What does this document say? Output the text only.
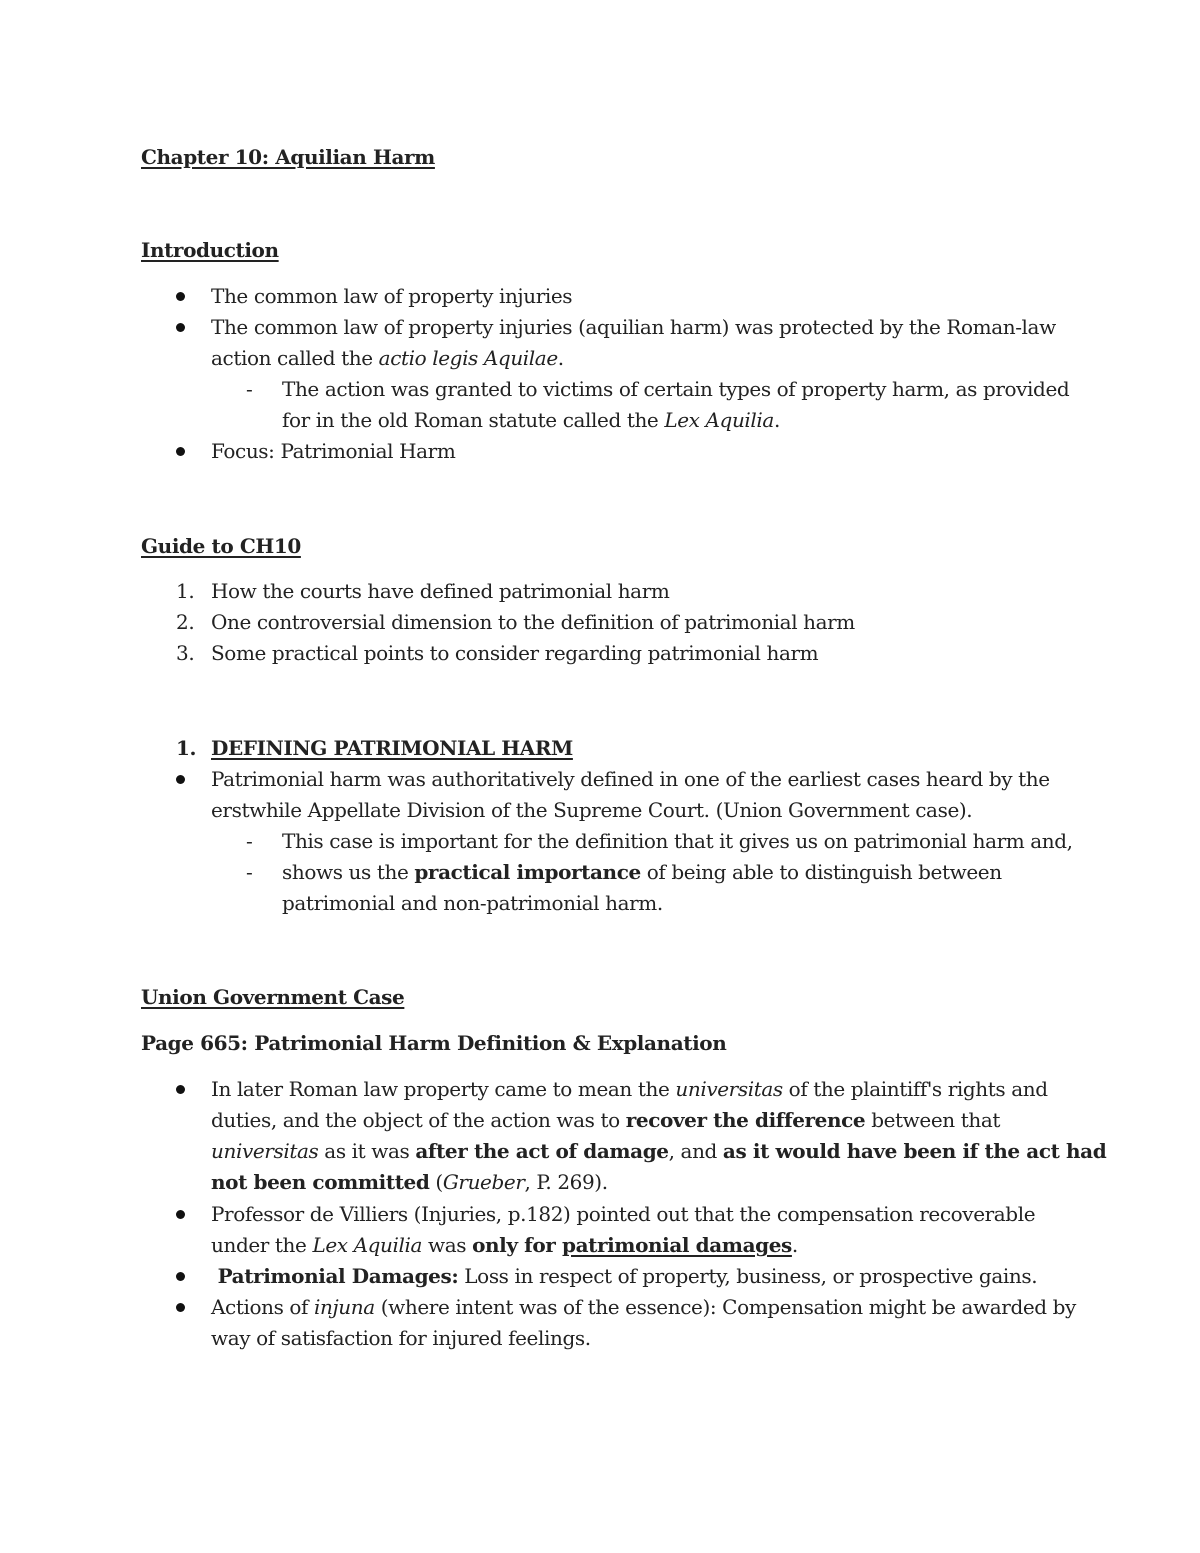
Chapter 10: Aquilian Harm
Introduction
The common law of property injuries
The common law of property injuries (aquilian harm) was protected by the Roman-law
action called the actio legis Aquilae.
- The action was granted to victims of certain types of property harm, as provided
for in the old Roman statute called the Lex Aquilia.
Focus: Patrimonial Harm
Guide to CH10
1. How the courts have defined patrimonial harm
2. One controversial dimension to the definition of patrimonial harm
3. Some practical points to consider regarding patrimonial harm
1. DEFINING PATRIMONIAL HARM
Patrimonial harm was authoritatively defined in one of the earliest cases heard by the
erstwhile Appellate Division of the Supreme Court. (Union Government case).
- This case is important for the definition that it gives us on patrimonial harm and,
- shows us the practical importance of being able to distinguish between
patrimonial and non-patrimonial harm.
Union Government Case
Page 665: Patrimonial Harm Definition & Explanation
In later Roman law property came to mean the universitas of the plaintiff's rights and
duties, and the object of the action was to recover the difference between that
universitas as it was after the act of damage, and as it would have been if the act had
not been committed (Grueber, P. 269).
Professor de Villiers (Injuries, p.182) pointed out that the compensation recoverable
under the Lex Aquilia was only for patrimonial damages.
Patrimonial Damages: Loss in respect of property, business, or prospective gains.
Actions of injuna (where intent was of the essence): Compensation might be awarded by
way of satisfaction for injured feelings.
